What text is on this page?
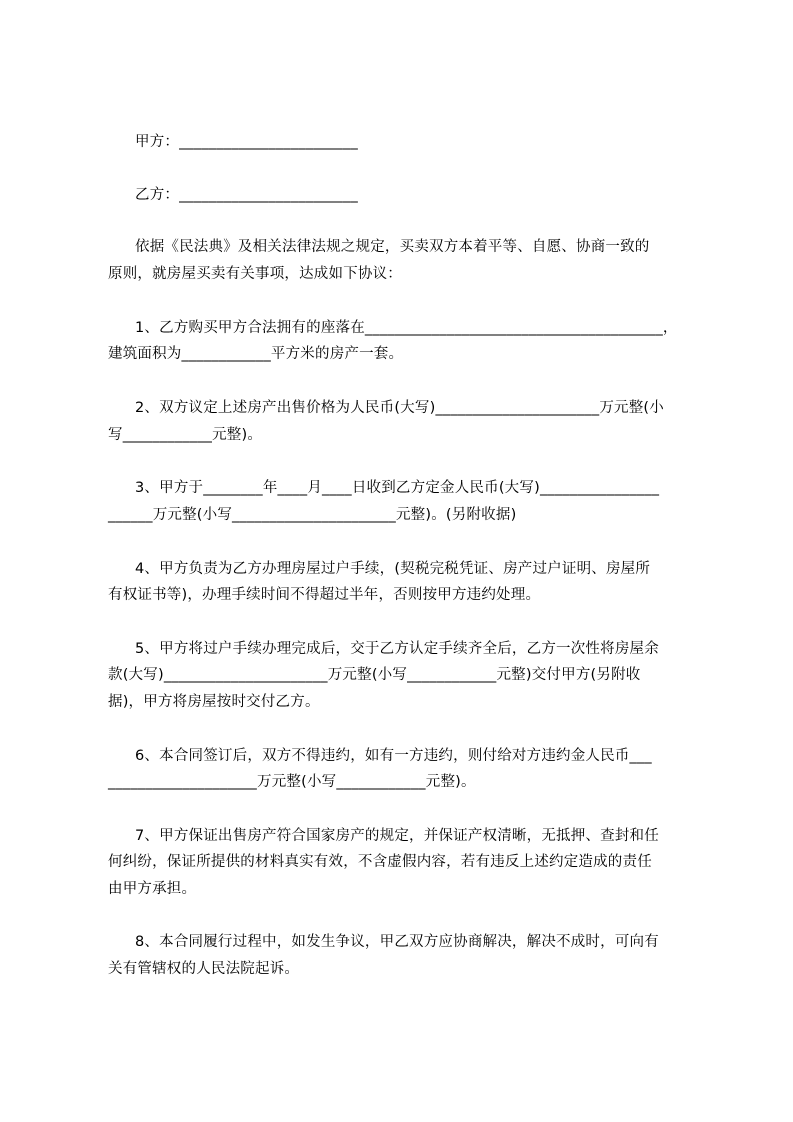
甲方：________________________
乙方：________________________
依据《民法典》及相关法律法规之规定，买卖双方本着平等、自愿、协商一致的
原则，就房屋买卖有关事项，达成如下协议：
1、乙方购买甲方合法拥有的座落在________________________________________，
建筑面积为____________平方米的房产一套。
2、双方议定上述房产出售价格为人民币(大写)______________________万元整(小
写____________元整)。
3、甲方于________年____月____日收到乙方定金人民币(大写)________________
______万元整(小写______________________元整)。(另附收据)
4、甲方负责为乙方办理房屋过户手续，(契税完税凭证、房产过户证明、房屋所
有权证书等)，办理手续时间不得超过半年，否则按甲方违约处理。
5、甲方将过户手续办理完成后，交于乙方认定手续齐全后，乙方一次性将房屋余
款(大写)______________________万元整(小写____________元整)交付甲方(另附收
据)，甲方将房屋按时交付乙方。
6、本合同签订后，双方不得违约，如有一方违约，则付给对方违约金人民币___
____________________万元整(小写____________元整)。
7、甲方保证出售房产符合国家房产的规定，并保证产权清晰，无抵押、查封和任
何纠纷，保证所提供的材料真实有效，不含虚假内容，若有违反上述约定造成的责任
由甲方承担。
8、本合同履行过程中，如发生争议，甲乙双方应协商解决，解决不成时，可向有
关有管辖权的人民法院起诉。
